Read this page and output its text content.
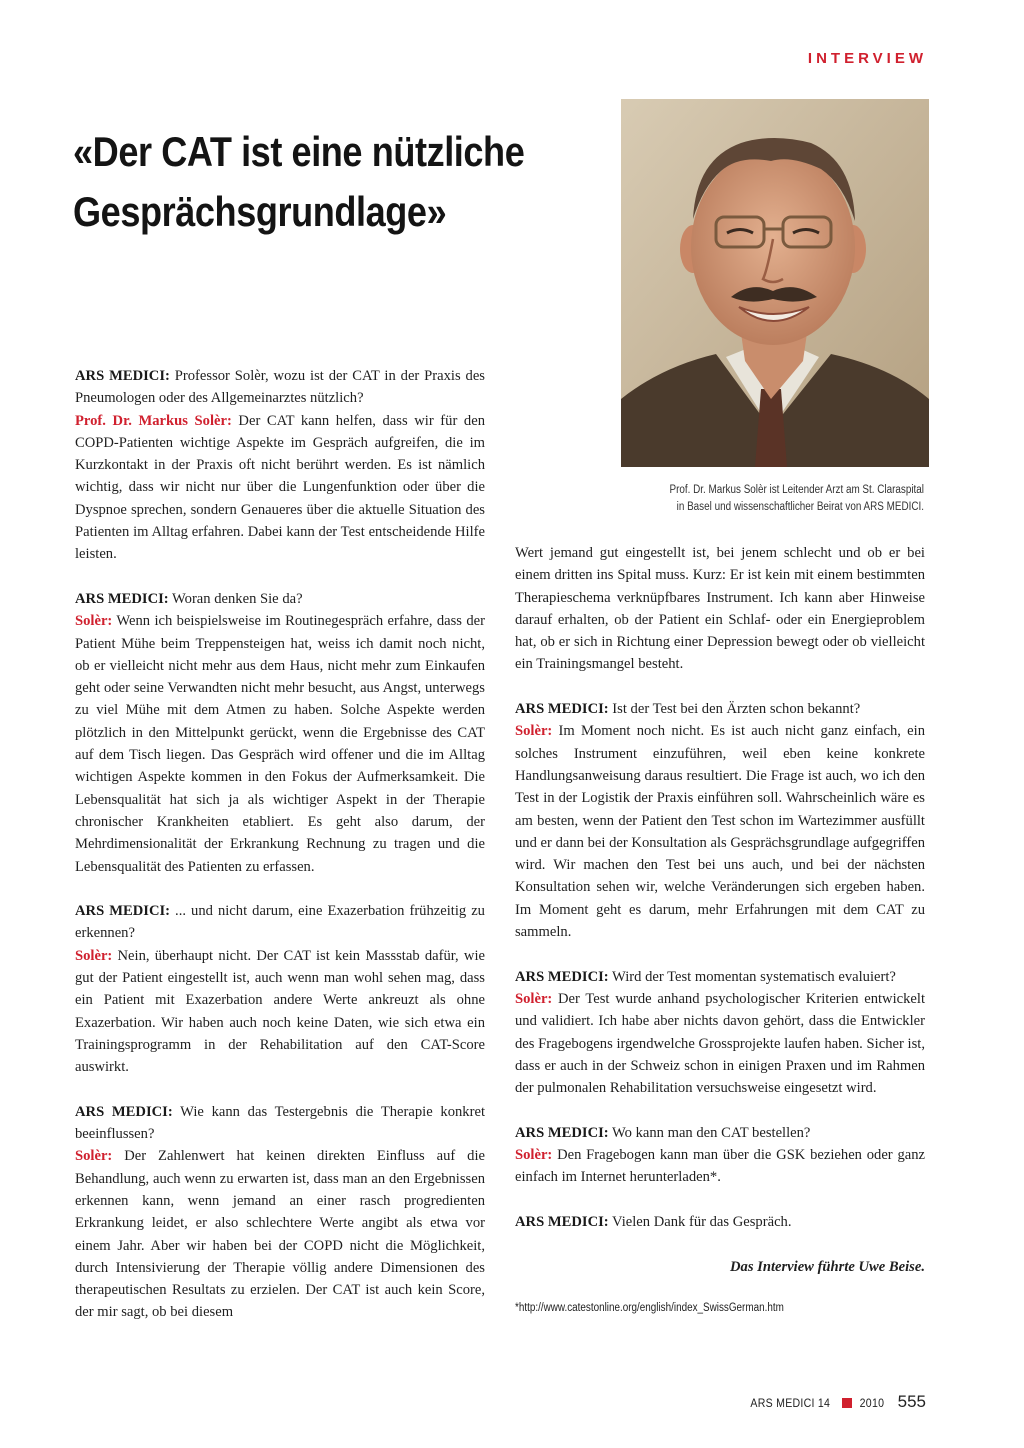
INTERVIEW
«Der CAT ist eine nützliche Gesprächsgrundlage»

Prof. Dr. Markus Solèr ist Leitender Arzt am St. Claraspital

in Basel und wissenschaftlicher Beirat von ARS MEDICI.

ARS MEDICI: Professor Solèr, wozu ist der CAT in der Praxis des Pneumologen oder des Allgemeinarztes nützlich?

Prof. Dr. Markus Solèr: Der CAT kann helfen, dass wir für den COPD-Patienten wichtige Aspekte im Gespräch aufgreifen, die im Kurzkontakt in der Praxis oft nicht berührt werden. Es ist nämlich wichtig, dass wir nicht nur über die Lungenfunktion oder über die Dyspnoe sprechen, sondern Genaueres über die aktuelle Situation des Patienten im Alltag erfahren. Dabei kann der Test entscheidende Hilfe leisten.

ARS MEDICI: Woran denken Sie da?

Solèr: Wenn ich beispielsweise im Routinegespräch erfahre, dass der Patient Mühe beim Treppensteigen hat, weiss ich damit noch nicht, ob er vielleicht nicht mehr aus dem Haus, nicht mehr zum Einkaufen geht oder seine Verwandten nicht mehr besucht, aus Angst, unterwegs zu viel Mühe mit dem Atmen zu haben. Solche Aspekte werden plötzlich in den Mittelpunkt gerückt, wenn die Ergebnisse des CAT auf dem Tisch liegen. Das Gespräch wird offener und die im Alltag wichtigen Aspekte kommen in den Fokus der Aufmerksamkeit. Die Lebensqualität hat sich ja als wichtiger Aspekt in der Therapie chronischer Krankheiten etabliert. Es geht also darum, der Mehrdimensionalität der Erkrankung Rechnung zu tragen und die Lebensqualität des Patienten zu erfassen.

ARS MEDICI: ... und nicht darum, eine Exazerbation frühzeitig zu erkennen?

Solèr: Nein, überhaupt nicht. Der CAT ist kein Massstab dafür, wie gut der Patient eingestellt ist, auch wenn man wohl sehen mag, dass ein Patient mit Exazerbation andere Werte ankreuzt als ohne Exazerbation. Wir haben auch noch keine Daten, wie sich etwa ein Trainingsprogramm in der Rehabilitation auf den CAT-Score auswirkt.

ARS MEDICI: Wie kann das Testergebnis die Therapie konkret beeinflussen?

Solèr: Der Zahlenwert hat keinen direkten Einfluss auf die Behandlung, auch wenn zu erwarten ist, dass man an den Ergebnissen erkennen kann, wenn jemand an einer rasch progredienten Erkrankung leidet, er also schlechtere Werte angibt als etwa vor einem Jahr. Aber wir haben bei der COPD nicht die Möglichkeit, durch Intensivierung der Therapie völlig andere Dimensionen des therapeutischen Resultats zu erzielen. Der CAT ist auch kein Score, der mir sagt, ob bei diesem

Wert jemand gut eingestellt ist, bei jenem schlecht und ob er bei einem dritten ins Spital muss. Kurz: Er ist kein mit einem bestimmten Therapieschema verknüpfbares Instrument. Ich kann aber Hinweise darauf erhalten, ob der Patient ein Schlaf- oder ein Energieproblem hat, ob er sich in Richtung einer Depression bewegt oder ob vielleicht ein Trainingsmangel besteht.

ARS MEDICI: Ist der Test bei den Ärzten schon bekannt?

Solèr: Im Moment noch nicht. Es ist auch nicht ganz einfach, ein solches Instrument einzuführen, weil eben keine konkrete Handlungsanweisung daraus resultiert. Die Frage ist auch, wo ich den Test in der Logistik der Praxis einführen soll. Wahrscheinlich wäre es am besten, wenn der Patient den Test schon im Wartezimmer ausfüllt und er dann bei der Konsultation als Gesprächsgrundlage aufgegriffen wird. Wir machen den Test bei uns auch, und bei der nächsten Konsultation sehen wir, welche Veränderungen sich ergeben haben. Im Moment geht es darum, mehr Erfahrungen mit dem CAT zu sammeln.

ARS MEDICI: Wird der Test momentan systematisch evaluiert?

Solèr: Der Test wurde anhand psychologischer Kriterien entwickelt und validiert. Ich habe aber nichts davon gehört, dass die Entwickler des Fragebogens irgendwelche Grossprojekte laufen haben. Sicher ist, dass er auch in der Schweiz schon in einigen Praxen und im Rahmen der pulmonalen Rehabilitation versuchsweise eingesetzt wird.

ARS MEDICI: Wo kann man den CAT bestellen?

Solèr: Den Fragebogen kann man über die GSK beziehen oder ganz einfach im Internet herunterladen*.

ARS MEDICI: Vielen Dank für das Gespräch.

Das Interview führte Uwe Beise.

*http://www.catestonline.org/english/index_SwissGerman.htm

ARS MEDICI 14 2010 555
